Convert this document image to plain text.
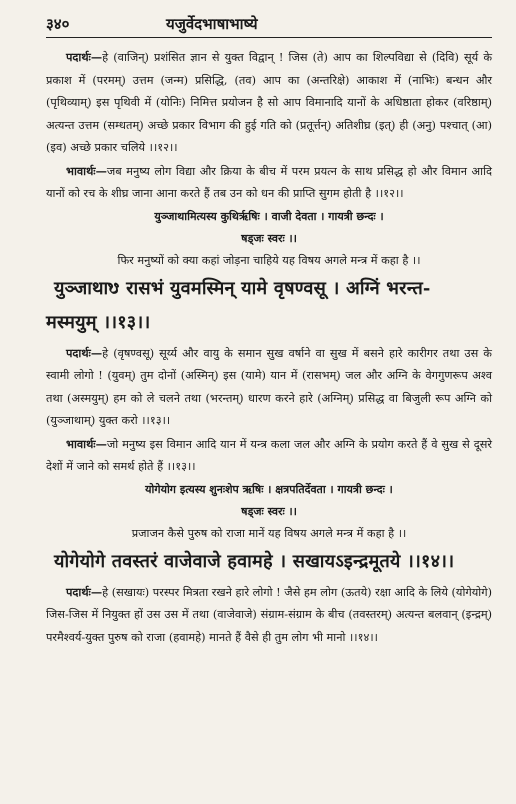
३४०	यजुर्वेदभाषाभाष्ये

पदार्थः—हे (वाजिन्) प्रशंसित ज्ञान से युक्त विद्वान् ! जिस (ते) आप का शिल्पविद्या से (दिवि) सूर्य के प्रकाश में (परमम्) उत्तम (जन्म) प्रसिद्धि, (तव) आप का (अन्तरिक्षे) आकाश में (नाभिः) बन्धन और (पृथिव्याम्) इस पृथिवी में (योनिः) निमित्त प्रयोजन है सो आप विमानादि यानों के अधिष्ठाता होकर (वरिष्ठाम्) अत्यन्त उत्तम (सम्धतम्) अच्छे प्रकार विभाग की हुई गति को (प्रतूर्त्तन्) अतिशीघ्र (इत्) ही (अनु) पश्चात् (आ) (इव) अच्छे प्रकार चलिये ।।१२।।

भावार्थः—जब मनुष्य लोग विद्या और क्रिया के बीच में परम प्रयत्न के साथ प्रसिद्ध हो और विमान आदि यानों को रच के शीघ्र जाना आना करते हैं तब उन को धन की प्राप्ति सुगम होती है ।।१२।।

युञ्जाथामित्यस्य कुथिर्ऋषिः । वाजी देवता । गायत्री छन्दः ।

षड्जः स्वरः ।।

फिर मनुष्यों को क्या कहां जोड़ना चाहिये यह विषय अगले मन्त्र में कहा है ।।

युञ्जाथाᳪ रासभं युवमस्मिन् यामे वृषण्वसू । अग्निं भरन्त-

मस्मयुम् ।।१३।।

पदार्थः—हे (वृषण्वसू) सूर्य्य और वायु के समान सुख वर्षाने वा सुख में बसने हारे कारीगर तथा उस के स्वामी लोगो ! (युवम्) तुम दोनों (अस्मिन्) इस (यामे) यान में (रासभम्) जल और अग्नि के वेगगुणरूप अश्व तथा (अस्मयुम्) हम को ले चलने तथा (भरन्तम्) धारण करने हारे (अग्निम्) प्रसिद्ध वा बिजुली रूप अग्नि को (युञ्जाथाम्) युक्त करो ।।१३।।

भावार्थः—जो मनुष्य इस विमान आदि यान में यन्त्र कला जल और अग्नि के प्रयोग करते हैं वे सुख से दूसरे देशों में जाने को समर्थ होते हैं ।।१३।।

योगेयोग इत्यस्य शुनःशेप ऋषिः । क्षत्रपतिर्देवता । गायत्री छन्दः ।

षड्जः स्वरः ।।

प्रजाजन कैसे पुरुष को राजा मानें यह विषय अगले मन्त्र में कहा है ।।

योगेयोगे तवस्तरं वाजेवाजे हवामहे । सखायऽइन्द्रमूतये ।।१४।।

पदार्थः—हे (सखायः) परस्पर मित्रता रखने हारे लोगो ! जैसे हम लोग (ऊतये) रक्षा आदि के लिये (योगेयोगे) जिस-जिस में नियुक्त हों उस उस में तथा (वाजेवाजे) संग्राम-संग्राम के बीच (तवस्तरम्) अत्यन्त बलवान् (इन्द्रम्) परमैश्वर्य-युक्त पुरुष को राजा (हवामहे) मानते हैं वैसे ही तुम लोग भी मानो ।।१४।।
